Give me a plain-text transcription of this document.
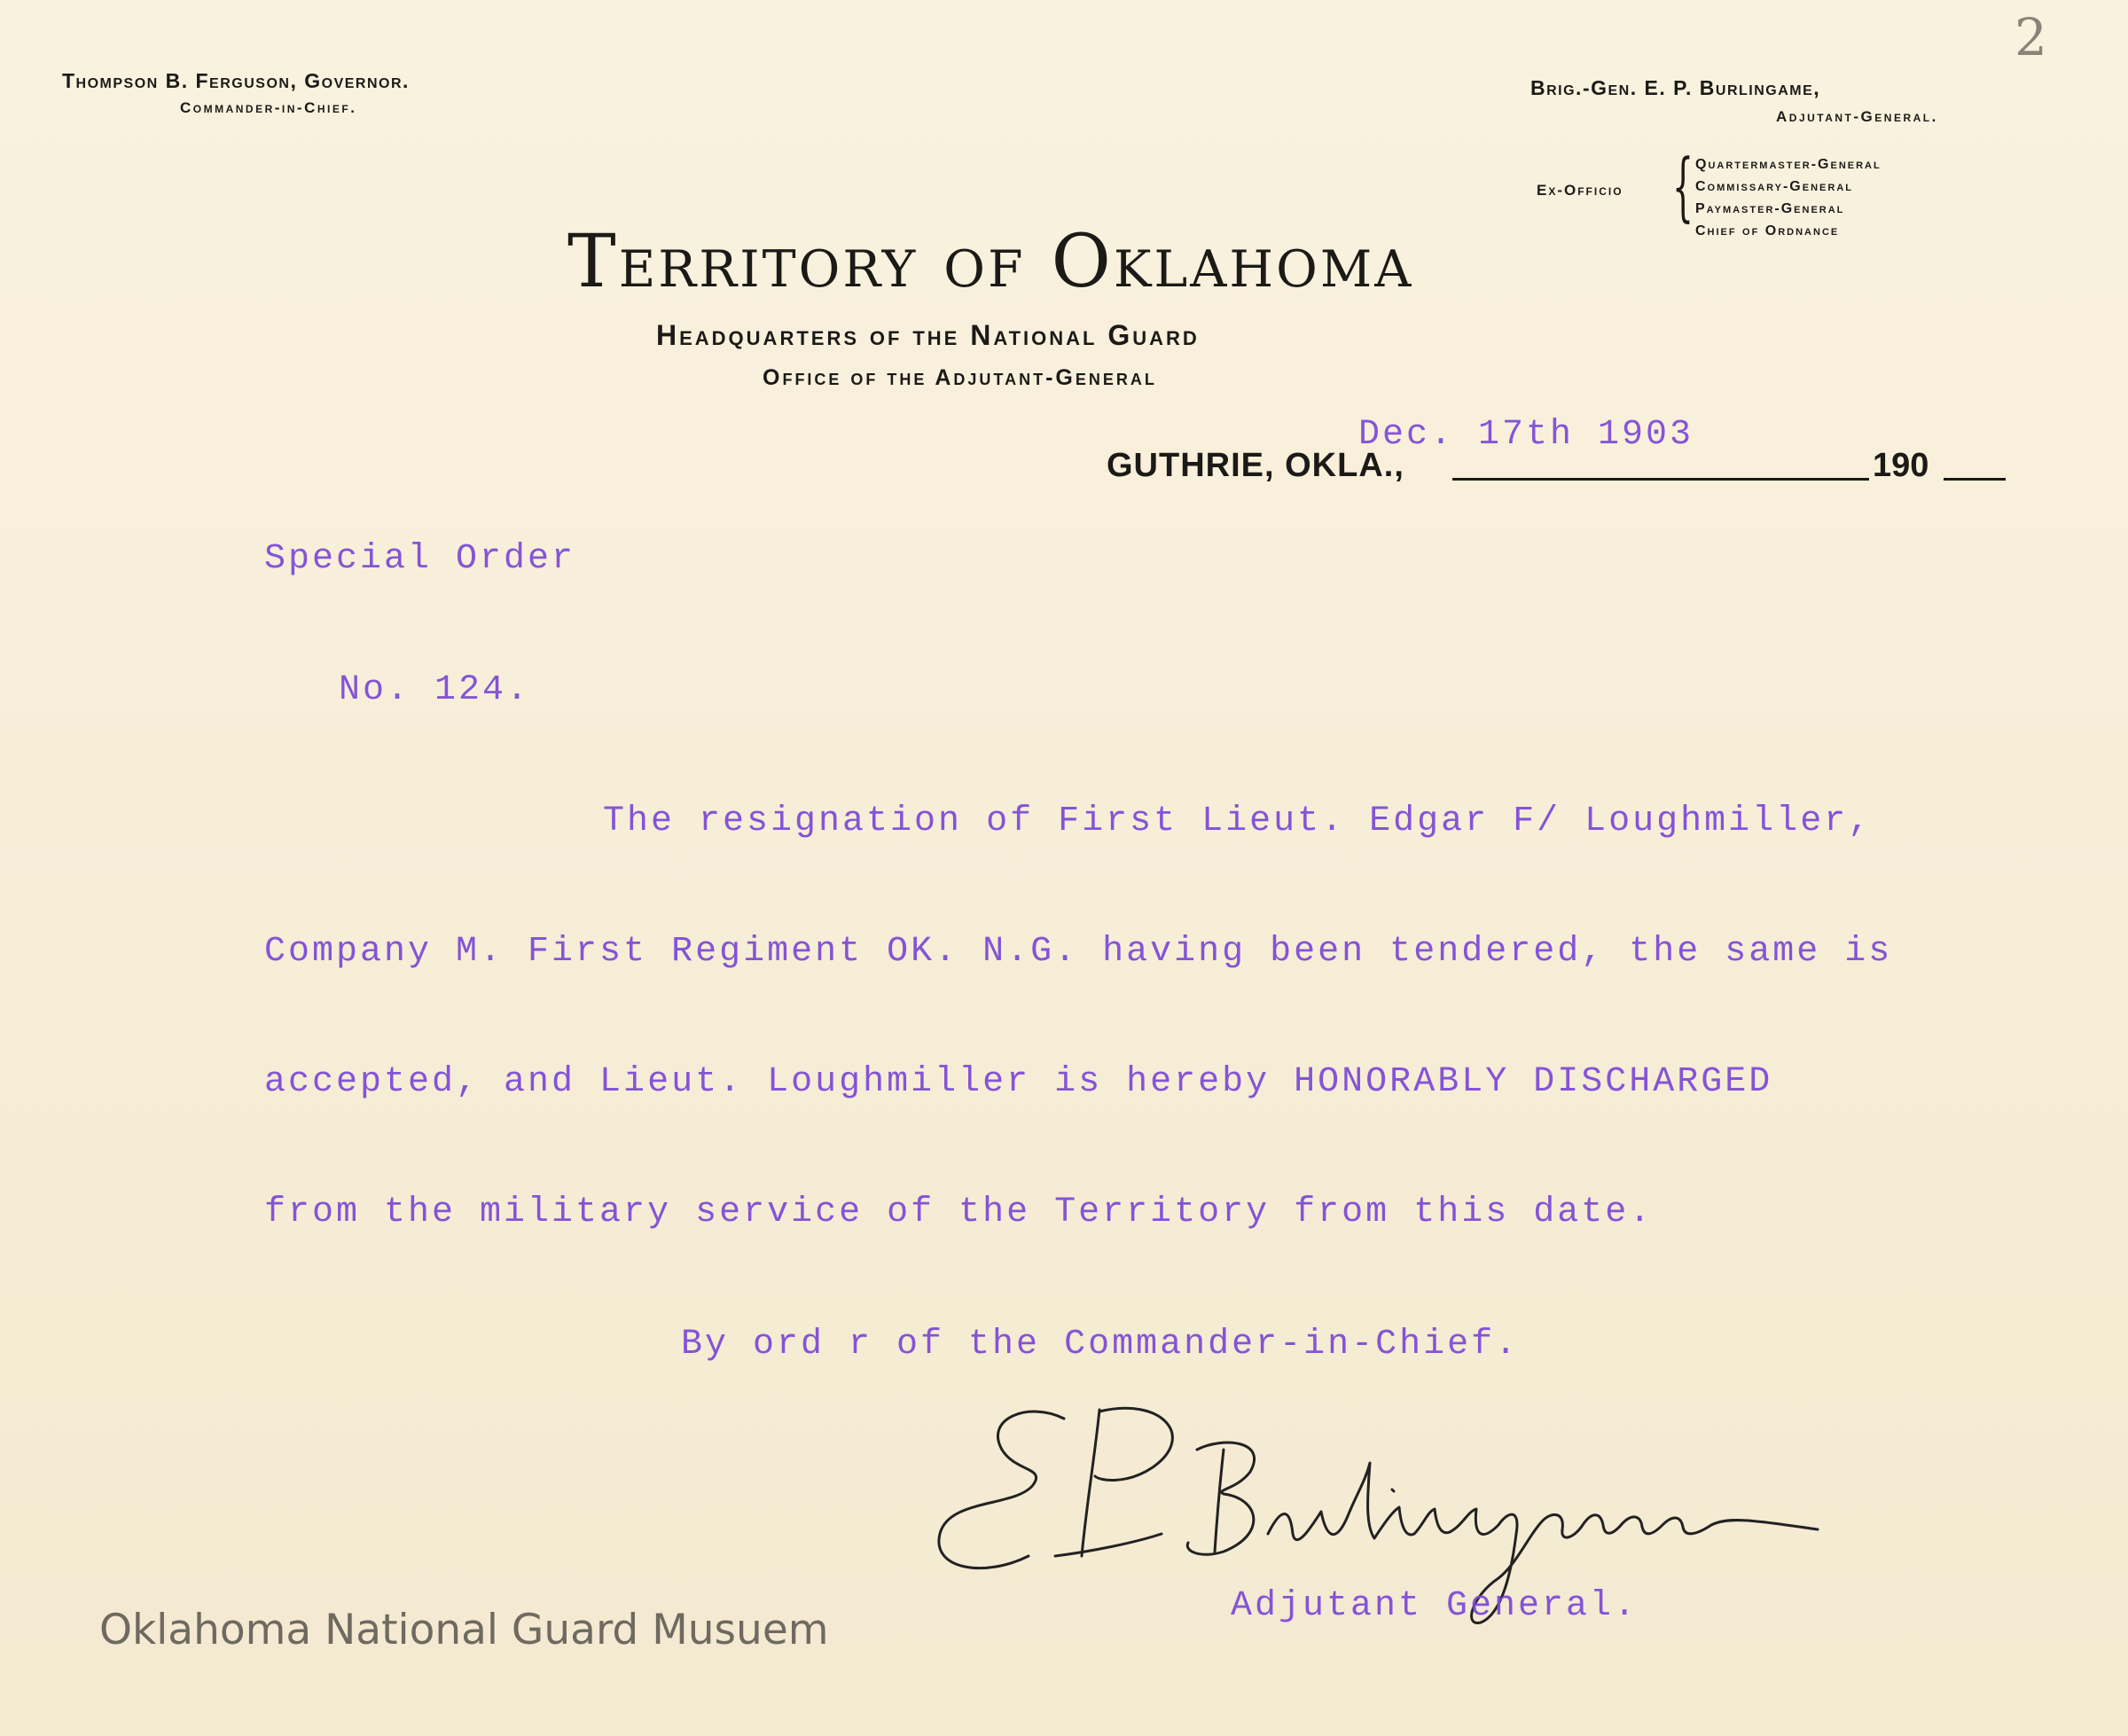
2
Thompson B. Ferguson, Governor.
Commander-in-Chief.
Brig.-Gen. E. P. Burlingame,
Adjutant-General.
Ex-Officio { Quartermaster-General
Commissary-General
Paymaster-General
Chief of Ordnance
Territory of Oklahoma
Headquarters of the National Guard
Office of the Adjutant-General
GUTHRIE, OKLA.,	190
Dec. 17th 1903
Special Order
No. 124.
The resignation of First Lieut. Edgar F/ Loughmiller,
Company M. First Regiment OK. N.G. having been tendered, the same is
accepted, and Lieut. Loughmiller is hereby HONORABLY DISCHARGED
from the military service of the Territory from this date.
By ord r of the Commander-in-Chief.
Adjutant General.
Oklahoma National Guard Musuem
